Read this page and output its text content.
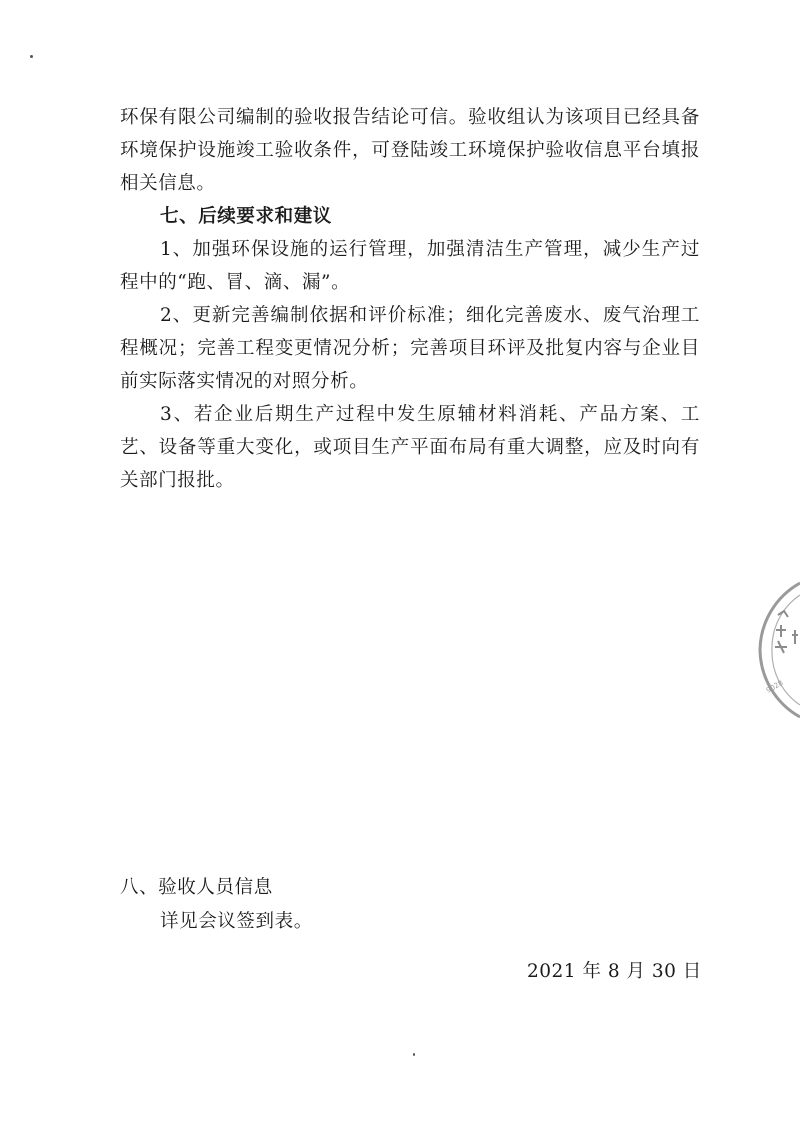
环保有限公司编制的验收报告结论可信。验收组认为该项目已经具备环境保护设施竣工验收条件，可登陆竣工环境保护验收信息平台填报相关信息。

七、后续要求和建议

1、加强环保设施的运行管理，加强清洁生产管理，减少生产过程中的“跑、冒、滴、漏”。

2、更新完善编制依据和评价标准；细化完善废水、废气治理工程概况；完善工程变更情况分析；完善项目环评及批复内容与企业目前实际落实情况的对照分析。

3、若企业后期生产过程中发生原辅材料消耗、产品方案、工艺、设备等重大变化，或项目生产平面布局有重大调整，应及时向有关部门报批。

八、验收人员信息

详见会议签到表。

2021 年 8 月 30 日
9028
